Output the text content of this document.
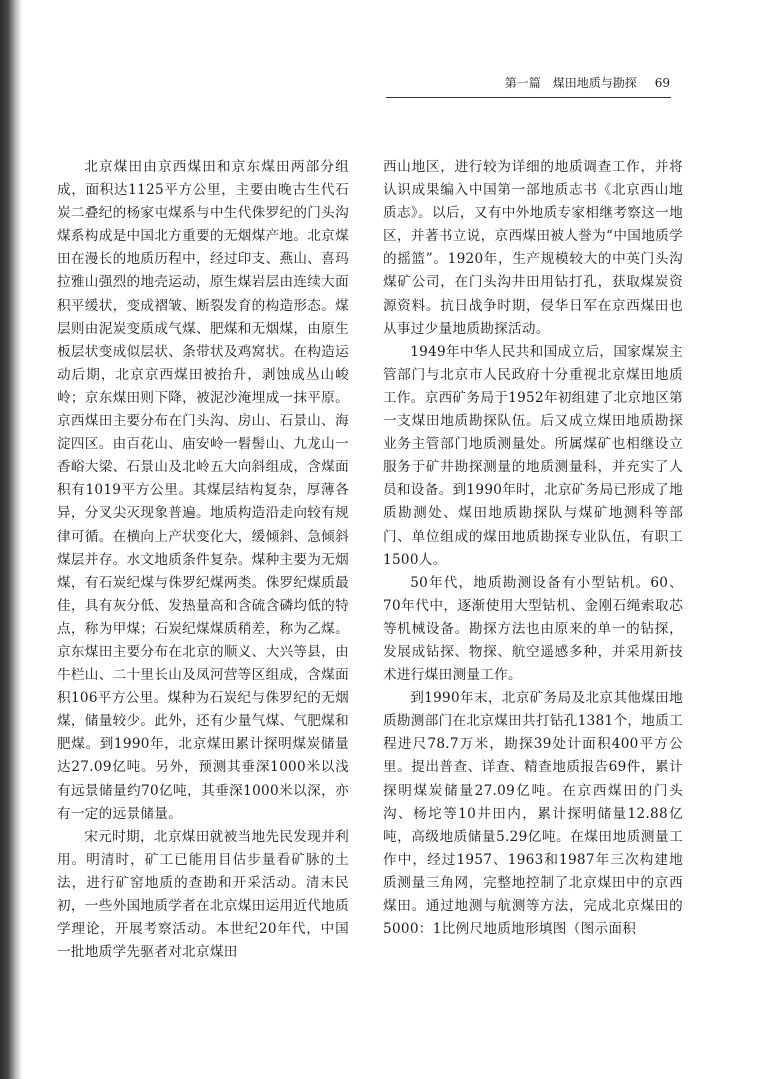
第一篇　煤田地质与勘探 69

北京煤田由京西煤田和京东煤田两部分组成，面积达1125平方公里，主要由晚古生代石炭二叠纪的杨家屯煤系与中生代侏罗纪的门头沟煤系构成是中国北方重要的无烟煤产地。北京煤田在漫长的地质历程中，经过印支、燕山、喜玛拉雅山强烈的地壳运动，原生煤岩层由连续大面积平缓状，变成褶皱、断裂发育的构造形态。煤层则由泥炭变质成气煤、肥煤和无烟煤，由原生板层状变成似层状、条带状及鸡窝状。在构造运动后期，北京京西煤田被抬升，剥蚀成丛山峻岭；京东煤田则下降，被泥沙淹埋成一抹平原。京西煤田主要分布在门头沟、房山、石景山、海淀四区。由百花山、庙安岭一髫髻山、九龙山一香峪大梁、石景山及北岭五大向斜组成，含煤面积有1019平方公里。其煤层结构复杂，厚薄各异，分叉尖灭现象普遍。地质构造沿走向较有规律可循。在横向上产状变化大，缓倾斜、急倾斜煤层并存。水文地质条件复杂。煤种主要为无烟煤，有石炭纪煤与侏罗纪煤两类。侏罗纪煤质最佳，具有灰分低、发热量高和含硫含磷均低的特点，称为甲煤；石炭纪煤煤质稍差，称为乙煤。京东煤田主要分布在北京的顺义、大兴等县，由牛栏山、二十里长山及凤河营等区组成，含煤面积106平方公里。煤种为石炭纪与侏罗纪的无烟煤，储量较少。此外，还有少量气煤、气肥煤和肥煤。到1990年，北京煤田累计探明煤炭储量达27.09亿吨。另外，预测其垂深1000米以浅有远景储量约70亿吨，其垂深1000米以深，亦有一定的远景储量。

宋元时期，北京煤田就被当地先民发现并利用。明清时，矿工已能用目估步量看矿脉的土法，进行矿窑地质的查勘和开采活动。清末民初，一些外国地质学者在北京煤田运用近代地质学理论，开展考察活动。本世纪20年代，中国一批地质学先驱者对北京煤田

西山地区，进行较为详细的地质调查工作，并将认识成果编入中国第一部地质志书《北京西山地质志》。以后，又有中外地质专家相继考察这一地区，并著书立说，京西煤田被人誉为“中国地质学的摇篮”。1920年，生产规模较大的中英门头沟煤矿公司，在门头沟井田用钻打孔，获取煤炭资源资料。抗日战争时期，侵华日军在京西煤田也从事过少量地质勘探活动。

1949年中华人民共和国成立后，国家煤炭主管部门与北京市人民政府十分重视北京煤田地质工作。京西矿务局于1952年初组建了北京地区第一支煤田地质勘探队伍。后又成立煤田地质勘探业务主管部门地质测量处。所属煤矿也相继设立服务于矿井勘探测量的地质测量科，并充实了人员和设备。到1990年时，北京矿务局已形成了地质勘测处、煤田地质勘探队与煤矿地测科等部门、单位组成的煤田地质勘探专业队伍，有职工1500人。

50年代，地质勘测设备有小型钻机。60、70年代中，逐渐使用大型钻机、金刚石绳索取芯等机械设备。勘探方法也由原来的单一的钻探，发展成钻探、物探、航空遥感多种，并采用新技术进行煤田测量工作。

到1990年末，北京矿务局及北京其他煤田地质勘测部门在北京煤田共打钻孔1381个，地质工程进尺78.7万米，勘探39处计面积400平方公里。提出普查、详查、精查地质报告69件，累计探明煤炭储量27.09亿吨。在京西煤田的门头沟、杨坨等10井田内，累计探明储量12.88亿吨，高级地质储量5.29亿吨。在煤田地质测量工作中，经过1957、1963和1987年三次构建地质测量三角网，完整地控制了北京煤田中的京西煤田。通过地测与航测等方法，完成北京煤田的5000：1比例尺地质地形填图（图示面积
